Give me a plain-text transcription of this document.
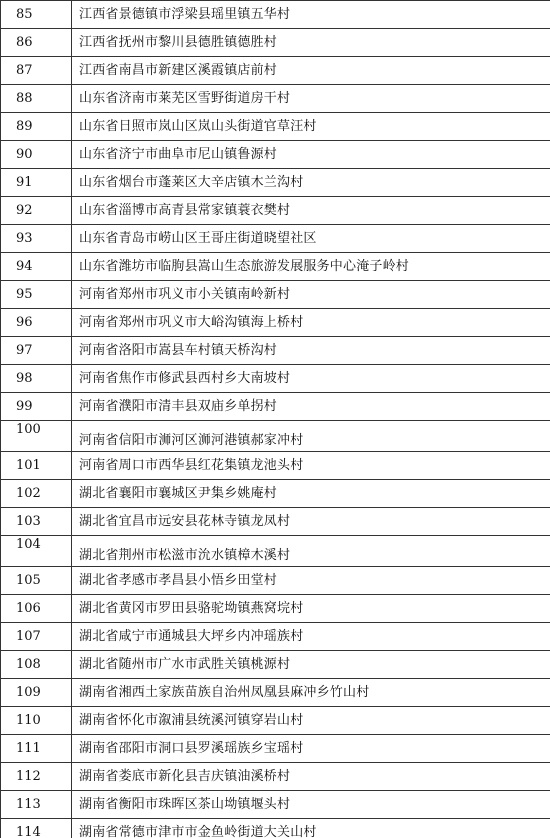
85	江西省景德镇市浮梁县瑶里镇五华村
86	江西省抚州市黎川县德胜镇德胜村
87	江西省南昌市新建区溪霞镇店前村
88	山东省济南市莱芜区雪野街道房干村
89	山东省日照市岚山区岚山头街道官草汪村
90	山东省济宁市曲阜市尼山镇鲁源村
91	山东省烟台市蓬莱区大辛店镇木兰沟村
92	山东省淄博市高青县常家镇蓑衣樊村
93	山东省青岛市崂山区王哥庄街道晓望社区
94	山东省潍坊市临朐县嵩山生态旅游发展服务中心淹子岭村
95	河南省郑州市巩义市小关镇南岭新村
96	河南省郑州市巩义市大峪沟镇海上桥村
97	河南省洛阳市嵩县车村镇天桥沟村
98	河南省焦作市修武县西村乡大南坡村
99	河南省濮阳市清丰县双庙乡单拐村
100	河南省信阳市浉河区浉河港镇郝家冲村
101	河南省周口市西华县红花集镇龙池头村
102	湖北省襄阳市襄城区尹集乡姚庵村
103	湖北省宜昌市远安县花林寺镇龙凤村
104	湖北省荆州市松滋市沇水镇樟木溪村
105	湖北省孝感市孝昌县小悟乡田堂村
106	湖北省黄冈市罗田县骆驼坳镇燕窝垸村
107	湖北省咸宁市通城县大坪乡内冲瑶族村
108	湖北省随州市广水市武胜关镇桃源村
109	湖南省湘西土家族苗族自治州凤凰县麻冲乡竹山村
110	湖南省怀化市溆浦县统溪河镇穿岩山村
111	湖南省邵阳市洞口县罗溪瑶族乡宝瑶村
112	湖南省娄底市新化县吉庆镇油溪桥村
113	湖南省衡阳市珠晖区茶山坳镇堰头村
114	湖南省常德市津市市金鱼岭街道大关山村
